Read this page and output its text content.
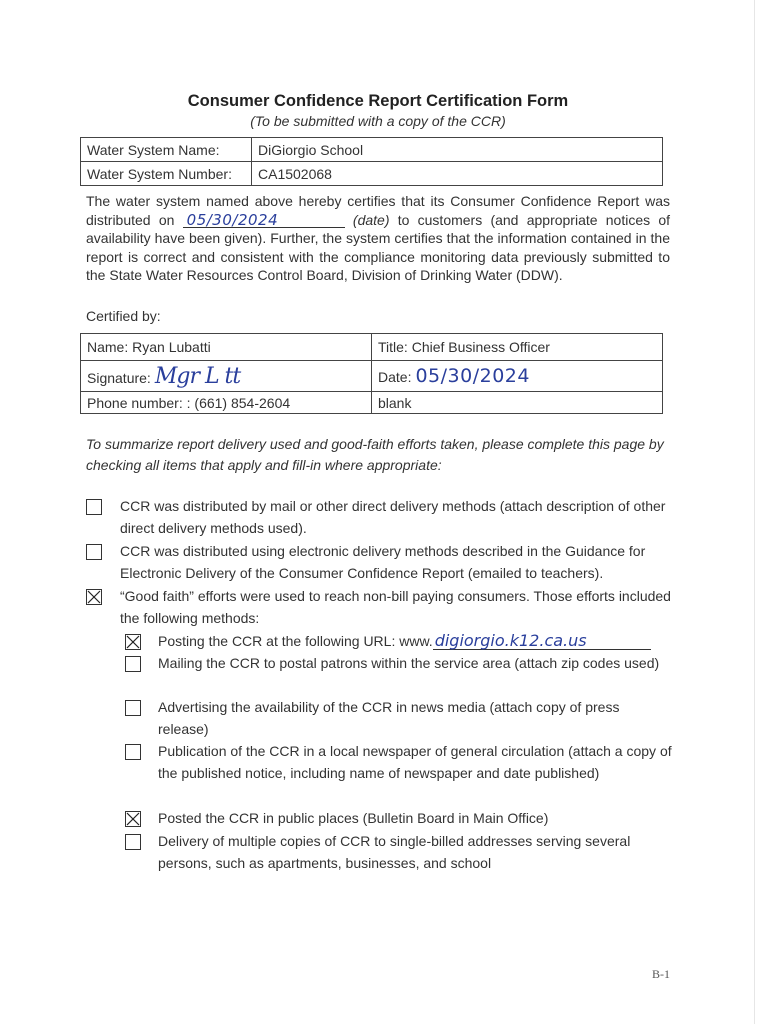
Consumer Confidence Report Certification Form
(To be submitted with a copy of the CCR)
Water System Name:	DiGiorgio School
Water System Number:	CA1502068
The water system named above hereby certifies that its Consumer Confidence Report was distributed on 05/30/2024	(date) to customers (and appropriate notices of availability have been given). Further, the system certifies that the information contained in the report is correct and consistent with the compliance monitoring data previously submitted to the State Water Resources Control Board, Division of Drinking Water (DDW).
Certified by:
Name: Ryan Lubatti	Title: Chief Business Officer
Signature: Mgr L tt	Date: 05/30/2024
Phone number: : (661) 854-2604	blank
To summarize report delivery used and good-faith efforts taken, please complete this page by checking all items that apply and fill-in where appropriate:
CCR was distributed by mail or other direct delivery methods (attach description of other direct delivery methods used).
CCR was distributed using electronic delivery methods described in the Guidance for Electronic Delivery of the Consumer Confidence Report (emailed to teachers).
“Good faith” efforts were used to reach non-bill paying consumers. Those efforts included the following methods:
Posting the CCR at the following URL: www. digiorgio.k12.ca.us
Mailing the CCR to postal patrons within the service area (attach zip codes used)
Advertising the availability of the CCR in news media (attach copy of press release)
Publication of the CCR in a local newspaper of general circulation (attach a copy of the published notice, including name of newspaper and date published)
Posted the CCR in public places (Bulletin Board in Main Office)
Delivery of multiple copies of CCR to single-billed addresses serving several persons, such as apartments, businesses, and school
B-1
